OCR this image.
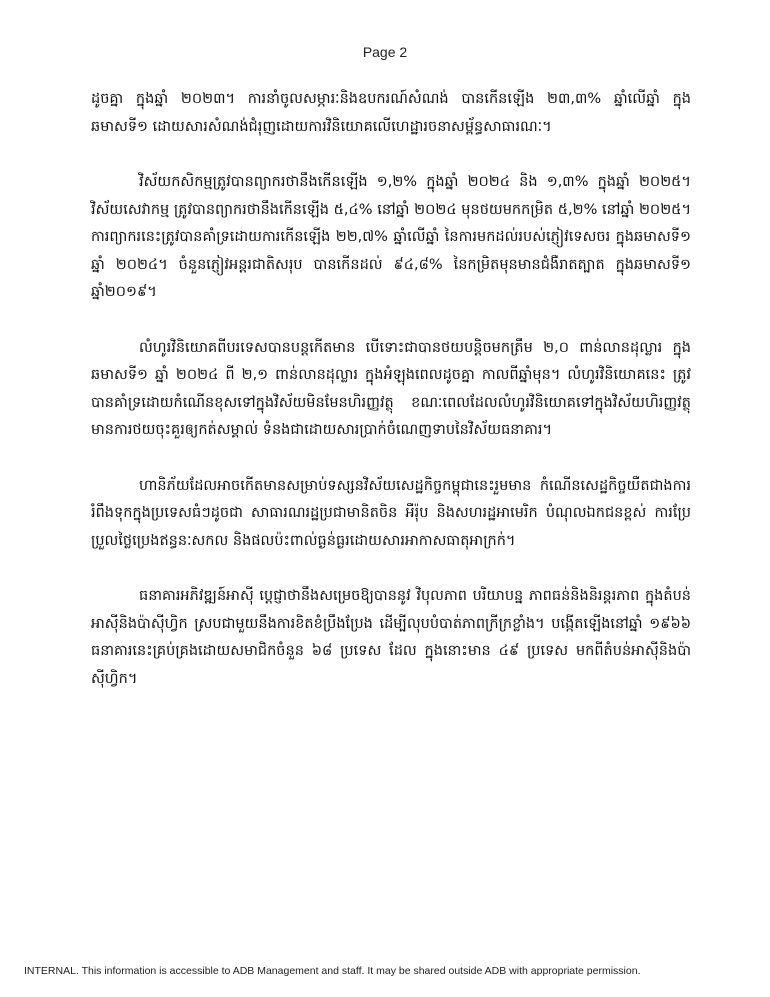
Page 2

ដូចគ្នា ក្នុងឆ្នាំ ២០២៣។ ការនាំចូលសម្ភារៈនិងឧបករណ៍សំណង់ បានកើនឡើង ២៣,៣% ឆ្នាំលើឆ្នាំ ក្នុងឆមាសទី១ ដោយសារសំណង់ជំរុញដោយការវិនិយោគលើហេដ្ឋារចនាសម្ព័ន្ធសាធារណៈ។

វិស័យកសិកម្មត្រូវបានព្យាករថានឹងកើនឡើង ១,២% ក្នុងឆ្នាំ ២០២៤ និង ១,៣% ក្នុងឆ្នាំ ២០២៥។ វិស័យសេវាកម្ម ត្រូវបានព្យាករថានឹងកើនឡើង ៥,៤% នៅឆ្នាំ ២០២៤ មុនថយមកកម្រិត ៥,២% នៅឆ្នាំ ២០២៥។ ការព្យាករនេះត្រូវបានគាំទ្រដោយការកើនឡើង ២២,៧% ឆ្នាំលើឆ្នាំ នៃការមកដល់របស់ភ្ញៀវទេសចរ ក្នុងឆមាសទី១ ឆ្នាំ ២០២៤។ ចំនួនភ្ញៀវអន្តរជាតិសរុប បានកើនដល់ ៩៤,៨% នៃកម្រិតមុនមានជំងឺរាតត្បាត ក្នុងឆមាសទី១ ឆ្នាំ២០១៩។

លំហូរវិនិយោគពីបរទេសបានបន្តកើតមាន បើទោះជាបានថយបន្តិចមកត្រឹម ២,០ ពាន់លានដុល្លារ ក្នុងឆមាសទី១ ឆ្នាំ ២០២៤ ពី ២,១ ពាន់លានដុល្លារ ក្នុងអំឡុងពេលដូចគ្នា កាលពីឆ្នាំមុន។ លំហូរវិនិយោគនេះ ត្រូវបានគាំទ្រដោយកំណើនខុសទៅក្នុងវិស័យមិនមែនហិរញ្ញវត្ថុ ខណៈពេលដែលលំហូរវិនិយោគទៅក្នុងវិស័យហិរញ្ញវត្ថុមានការថយចុះគួរឲ្យកត់សម្គាល់ ទំនងជាដោយសារប្រាក់ចំណេញទាបនៃវិស័យធនាគារ។

ហានិភ័យដែលអាចកើតមានសម្រាប់ទស្សនវិស័យសេដ្ឋកិច្ចកម្ពុជានេះរួមមាន កំណើនសេដ្ឋកិច្ចយឺតជាងការរំពឹងទុកក្នុងប្រទេសធំៗដូចជា សាធារណរដ្ឋប្រជាមានិតចិន អឺរ៉ុប និងសហរដ្ឋអាមេរិក បំណុលឯកជនខ្ពស់ ការប្រែប្រួលថ្លៃប្រេងឥន្ធនៈសកល និងផលប៉ះពាល់ធ្ងន់ធ្ងរដោយសារអាកាសធាតុអាក្រក់។

ធនាគារអភិវឌ្ឍន៍អាស៊ី ប្តេជ្ញាថានឹងសម្រេចឱ្យបាននូវ វិបុលភាព បរិយាបន្ន ភាពធន់និងនិរន្តរភាព ក្នុងតំបន់អាស៊ីនិងប៉ាស៊ីហ្វិក ស្របជាមួយនឹងការខិតខំប្រឹងប្រែង ដើម្បីលុបបំបាត់ភាពក្រីក្រខ្លាំង។ បង្កើតឡើងនៅឆ្នាំ ១៩៦៦ ធនាគារនេះគ្រប់គ្រងដោយសមាជិកចំនួន ៦៨ ប្រទេស ដែល ក្នុងនោះមាន ៤៩ ប្រទេស មកពីតំបន់អាស៊ីនិងប៉ាស៊ីហ្វិក។

INTERNAL. This information is accessible to ADB Management and staff. It may be shared outside ADB with appropriate permission.
